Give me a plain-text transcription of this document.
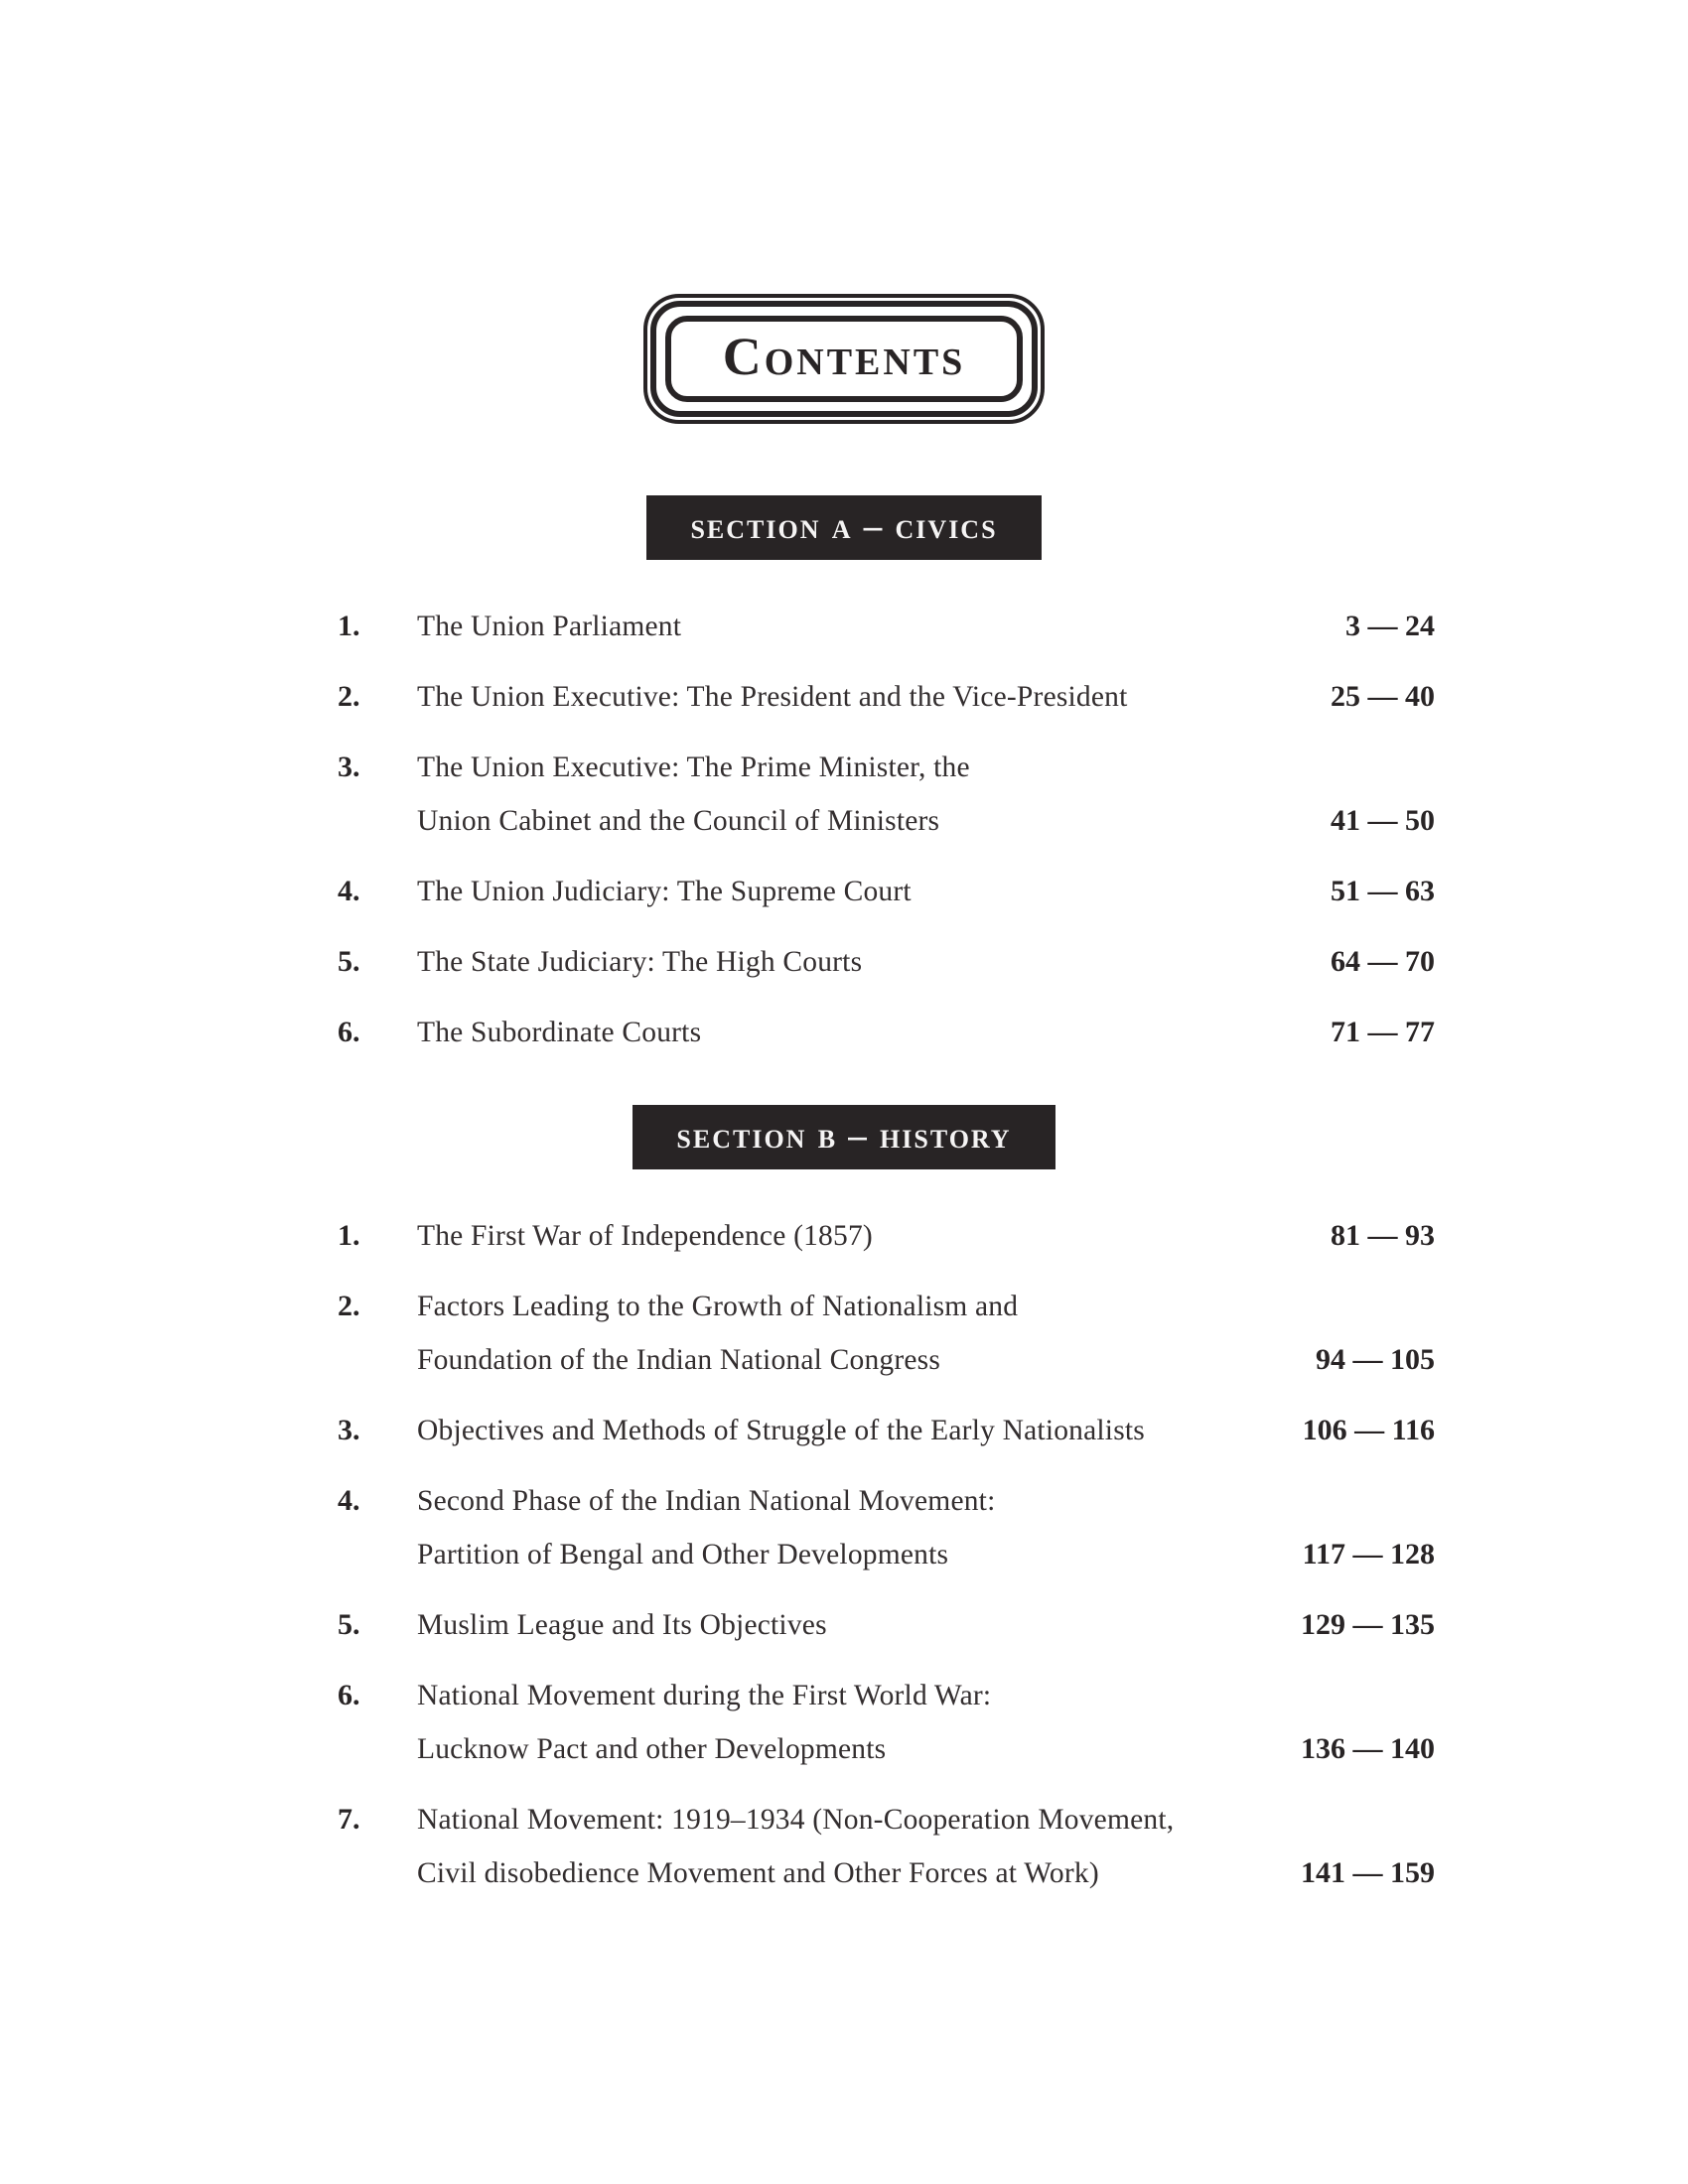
Contents
section a – civics
1.	The Union Parliament	3 — 24
2.	The Union Executive: The President and the Vice-President	25 — 40
3.	The Union Executive: The Prime Minister, the
Union Cabinet and the Council of Ministers	41 — 50
4.	The Union Judiciary: The Supreme Court	51 — 63
5.	The State Judiciary: The High Courts	64 — 70
6.	The Subordinate Courts	71 — 77
section b – history
1.	The First War of Independence (1857)	81 — 93
2.	Factors Leading to the Growth of Nationalism and
Foundation of the Indian National Congress	94 — 105
3.	Objectives and Methods of Struggle of the Early Nationalists	106 — 116
4.	Second Phase of the Indian National Movement:
Partition of Bengal and Other Developments	117 — 128
5.	Muslim League and Its Objectives	129 — 135
6.	National Movement during the First World War:
Lucknow Pact and other Developments	136 — 140
7.	National Movement: 1919–1934 (Non-Cooperation Movement,
Civil disobedience Movement and Other Forces at Work)	141 — 159
